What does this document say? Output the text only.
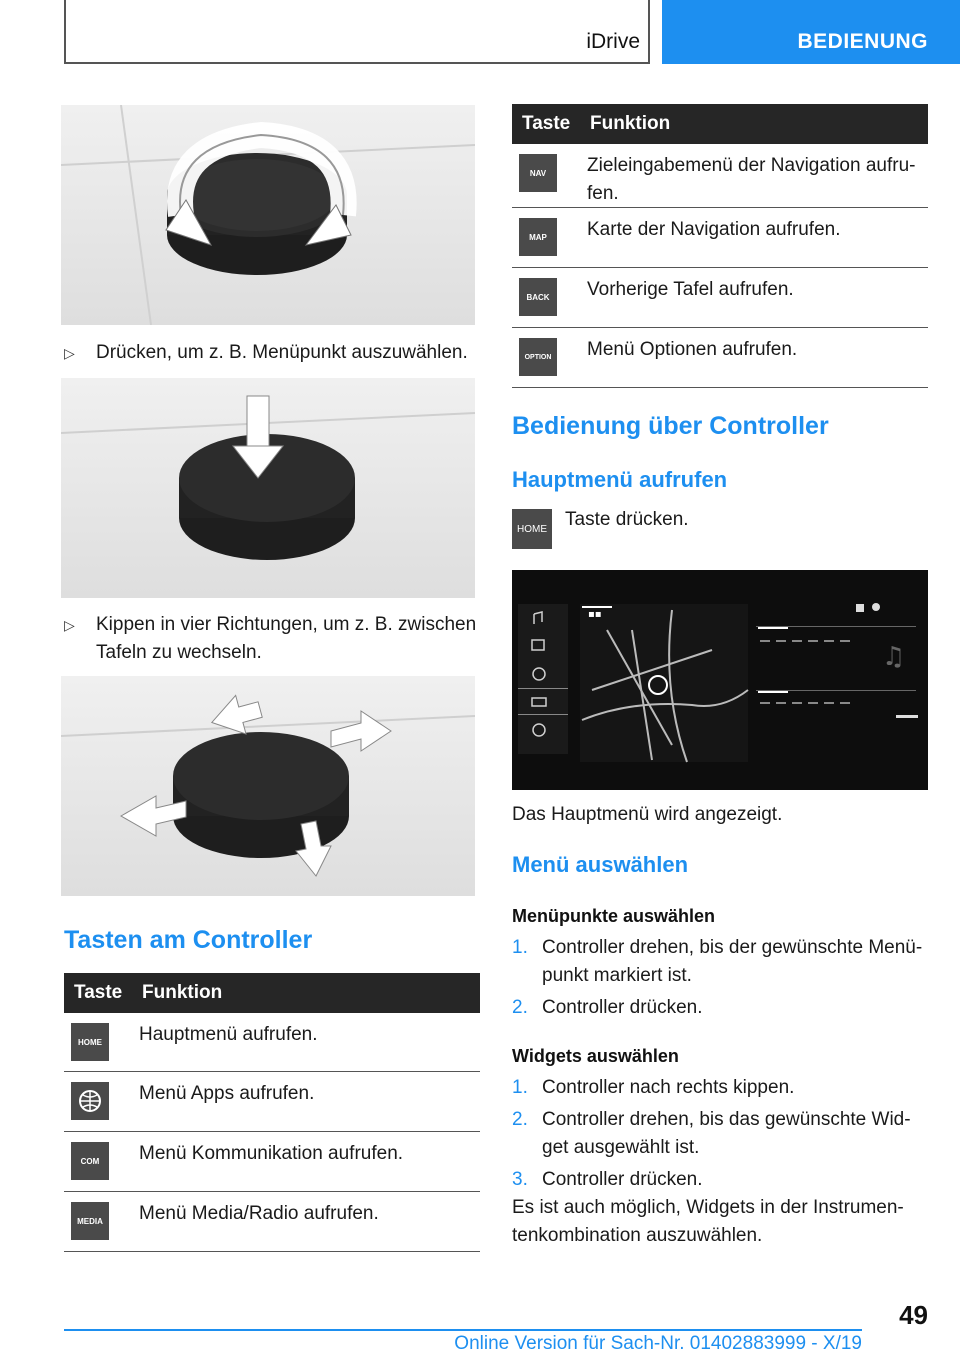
iDrive	BEDIENUNG
▷ Drücken, um z. B. Menüpunkt auszuwählen.
▷ Kippen in vier Richtungen, um z. B. zwischen Tafeln zu wechseln.
Tasten am Controller
Taste Funktion
HOME	Hauptmenü aufrufen.
Menü Apps aufrufen.
COM	Menü Kommunikation aufrufen.
MEDIA	Menü Media/Radio aufrufen.
Taste Funktion
NAV	Zieleingabemenü der Navigation aufru-fen.
MAP	Karte der Navigation aufrufen.
BACK	Vorherige Tafel aufrufen.
OPTION Menü Optionen aufrufen.
Bedienung über Controller
Hauptmenü aufrufen
HOME Taste drücken.
▪▪
♫
Das Hauptmenü wird angezeigt.
Menü auswählen
Menüpunkte auswählen
1. Controller drehen, bis der gewünschte Menü-punkt markiert ist.
2. Controller drücken.
Widgets auswählen
1. Controller nach rechts kippen.
2. Controller drehen, bis das gewünschte Wid-get ausgewählt ist.
3. Controller drücken.
Es ist auch möglich, Widgets in der Instrumen-tenkombination auszuwählen.
49
Online Version für Sach-Nr. 01402883999 - X/19
